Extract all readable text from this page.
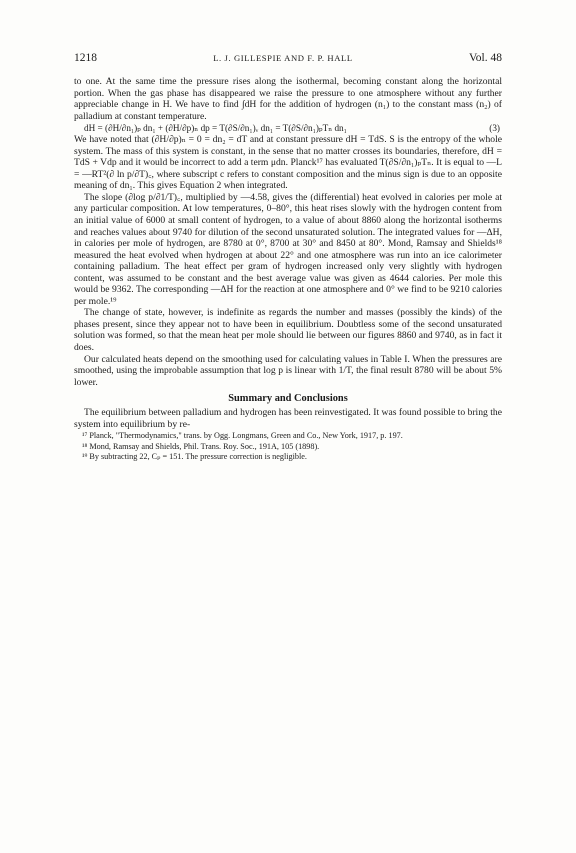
1218	L. J. GILLESPIE AND F. P. HALL	Vol. 48

to one. At the same time the pressure rises along the isothermal, becoming constant along the horizontal portion. When the gas phase has disappeared we raise the pressure to one atmosphere without any further appreciable change in H. We have to find ∫dH for the addition of hydrogen (n₁) to the constant mass (n₂) of palladium at constant temperature.

dH = (∂H/∂n₁)ₚ dn₁ + (∂H/∂p)ₙ dp = T(∂S/∂n₁)ᵥ dn₁ = T(∂S/∂n₁)ₚTₙ dn₁	(3)

We have noted that (∂H/∂p)ₙ = 0 = dn₂ = dT and at constant pressure dH = TdS. S is the entropy of the whole system. The mass of this system is constant, in the sense that no matter crosses its boundaries, therefore, dH = TdS + Vdp and it would be incorrect to add a term μdn. Planck¹⁷ has evaluated T(∂S/∂n₁)ₚTₙ. It is equal to —L = —RT²(∂ ln p/∂T)꜀, where subscript c refers to constant composition and the minus sign is due to an opposite meaning of dn₁. This gives Equation 2 when integrated.

The slope (∂log p/∂1/T)꜀, multiplied by —4.58, gives the (differential) heat evolved in calories per mole at any particular composition. At low temperatures, 0–80°, this heat rises slowly with the hydrogen content from an initial value of 6000 at small content of hydrogen, to a value of about 8860 along the horizontal isotherms and reaches values about 9740 for dilution of the second unsaturated solution. The integrated values for —ΔH, in calories per mole of hydrogen, are 8780 at 0°, 8700 at 30° and 8450 at 80°. Mond, Ramsay and Shields¹⁸ measured the heat evolved when hydrogen at about 22° and one atmosphere was run into an ice calorimeter containing palladium. The heat effect per gram of hydrogen increased only very slightly with hydrogen content, was assumed to be constant and the best average value was given as 4644 calories. Per mole this would be 9362. The corresponding —ΔH for the reaction at one atmosphere and 0° we find to be 9210 calories per mole.¹⁹

The change of state, however, is indefinite as regards the number and masses (possibly the kinds) of the phases present, since they appear not to have been in equilibrium. Doubtless some of the second unsaturated solution was formed, so that the mean heat per mole should lie between our figures 8860 and 9740, as in fact it does.

Our calculated heats depend on the smoothing used for calculating values in Table I. When the pressures are smoothed, using the improbable assumption that log p is linear with 1/T, the final result 8780 will be about 5% lower.

Summary and Conclusions

The equilibrium between palladium and hydrogen has been reinvestigated. It was found possible to bring the system into equilibrium by re-

¹⁷ Planck, "Thermodynamics," trans. by Ogg. Longmans, Green and Co., New York, 1917, p. 197.

¹⁸ Mond, Ramsay and Shields, Phil. Trans. Roy. Soc., 191A, 105 (1898).

¹⁹ By subtracting 22, Cₚ = 151. The pressure correction is negligible.
